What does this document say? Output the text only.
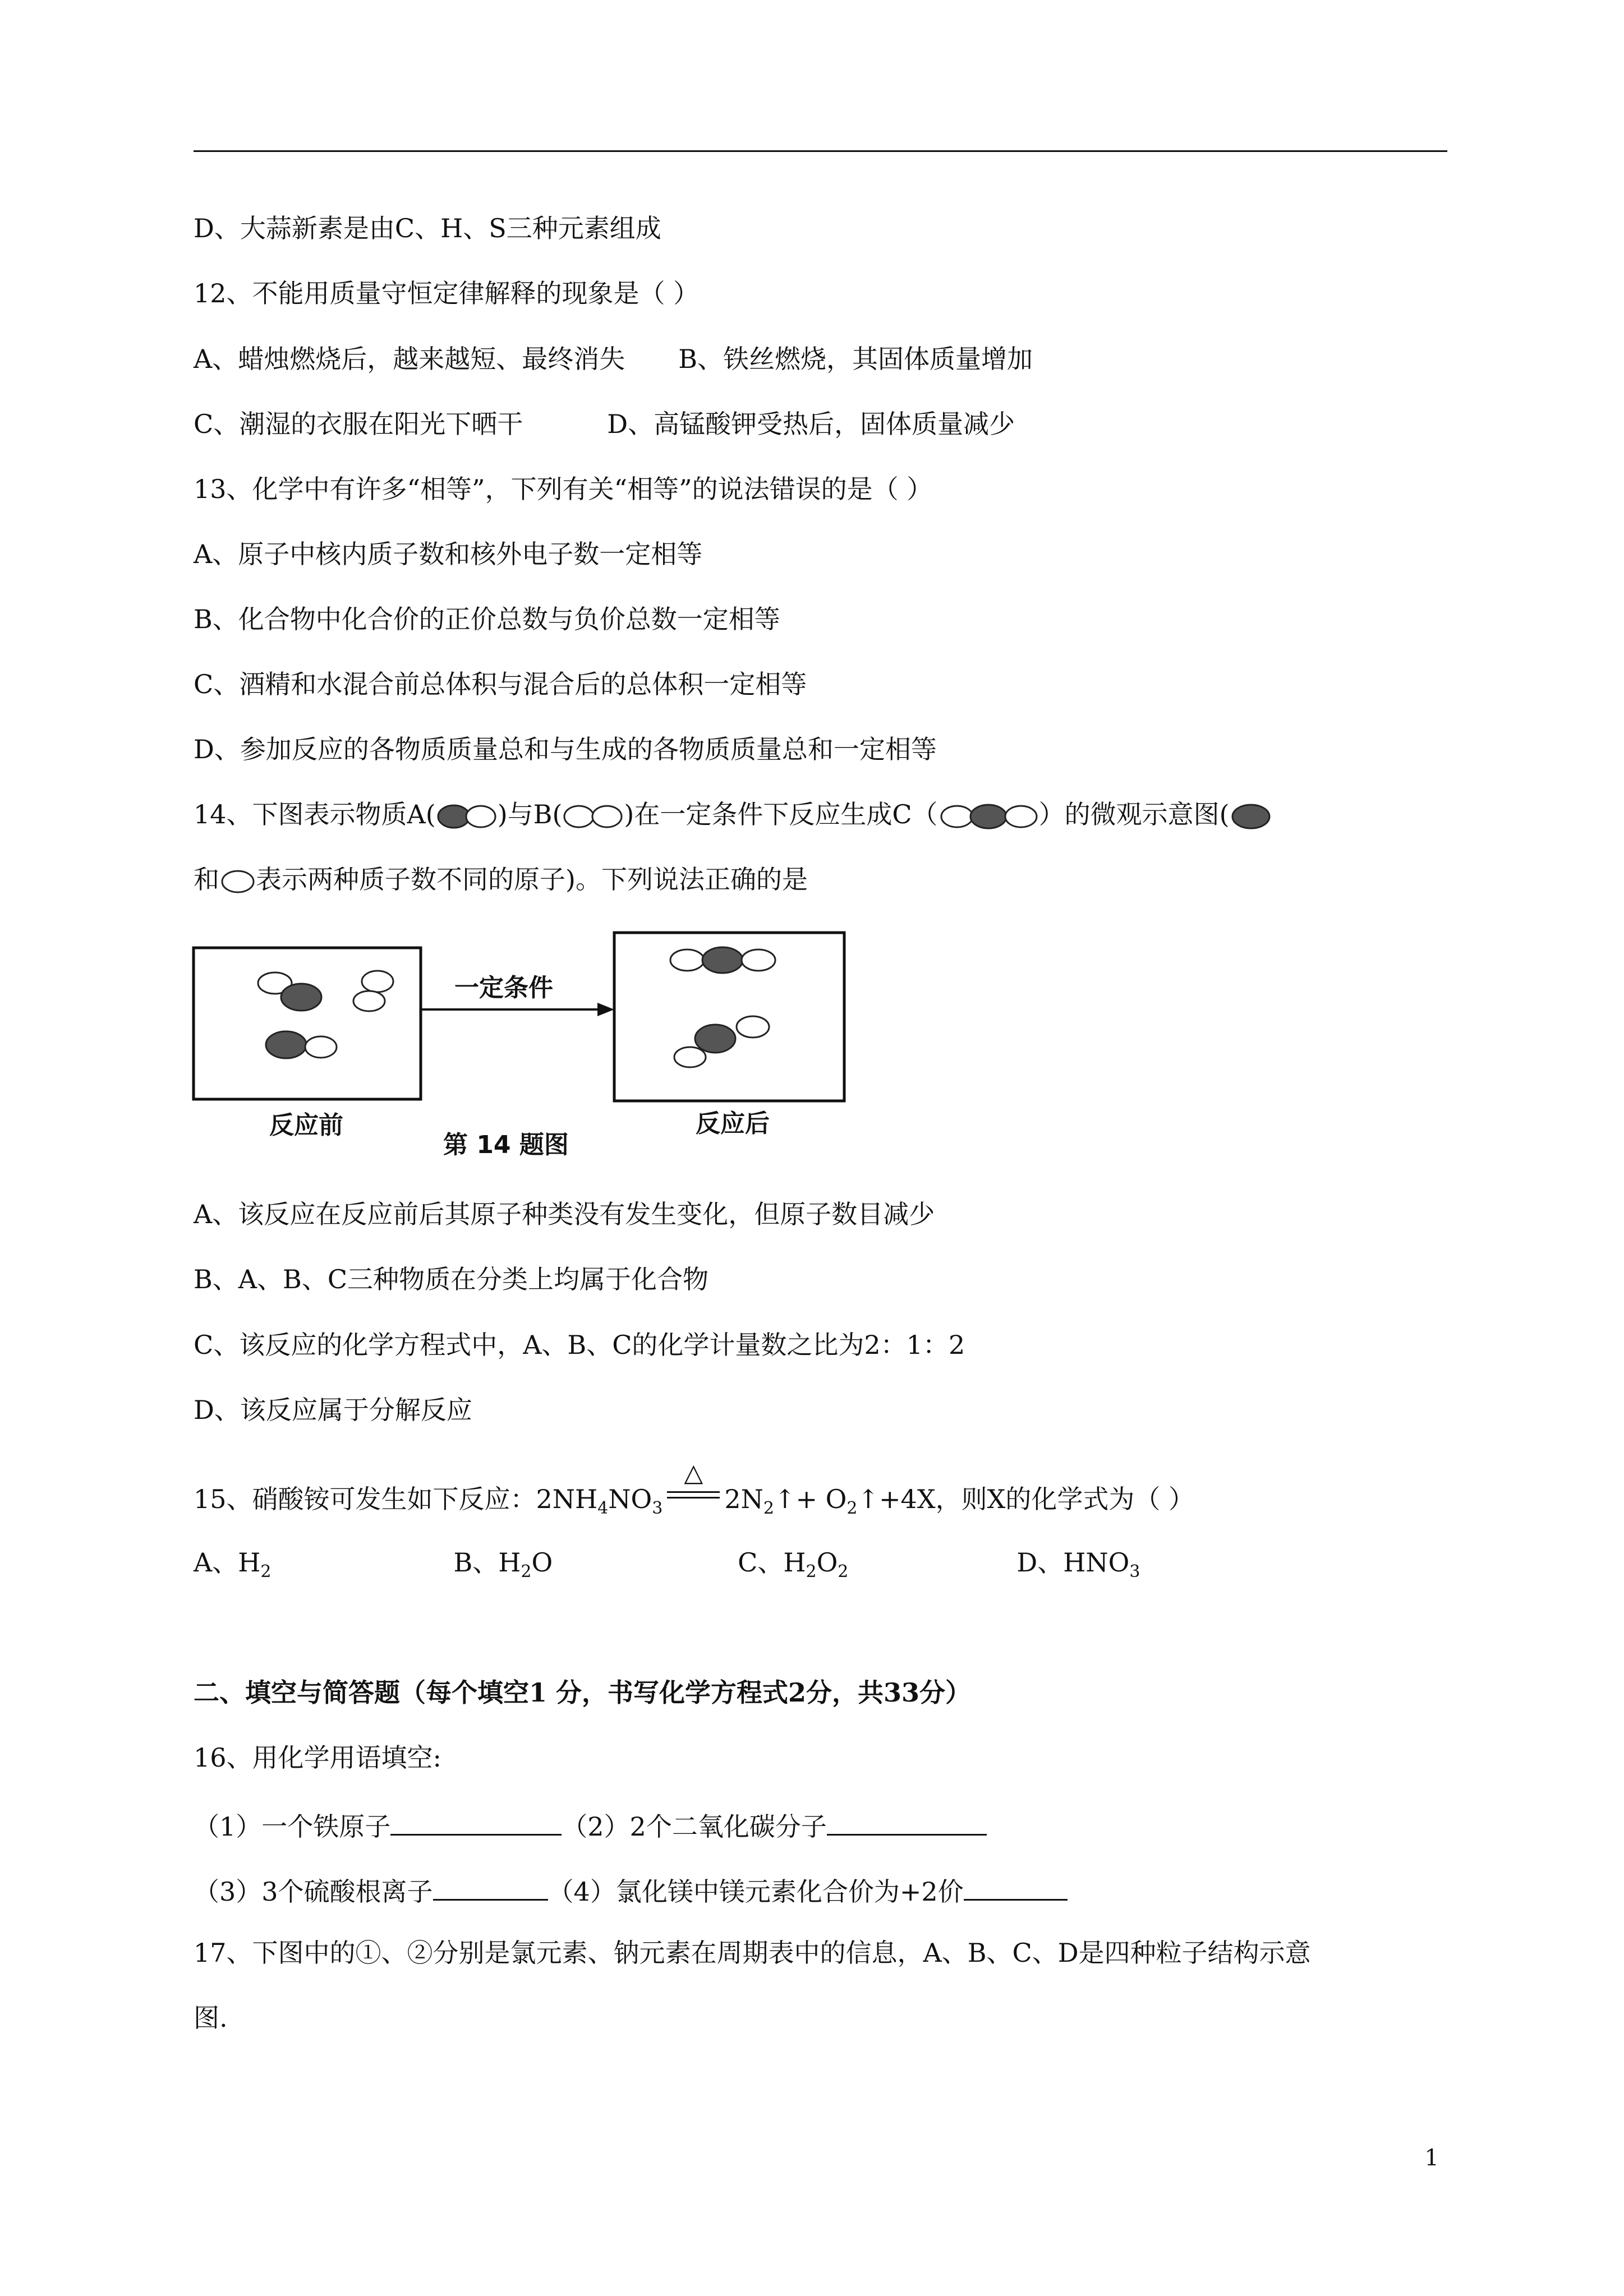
D、大蒜新素是由C、H、S三种元素组成
12、不能用质量守恒定律解释的现象是（ ）
A、蜡烛燃烧后，越来越短、最终消失 B、铁丝燃烧，其固体质量增加
C、潮湿的衣服在阳光下晒干	D、高锰酸钾受热后，固体质量减少
13、化学中有许多“相等”，下列有关“相等”的说法错误的是（ ）
A、原子中核内质子数和核外电子数一定相等
B、化合物中化合价的正价总数与负价总数一定相等
C、酒精和水混合前总体积与混合后的总体积一定相等
D、参加反应的各物质质量总和与生成的各物质质量总和一定相等
14、下图表示物质A( )与B( )在一定条件下反应生成C（	）的微观示意图(
和 表示两种质子数不同的原子)。下列说法正确的是
一定条件
反应前	反应后
第 14 题图
A、该反应在反应前后其原子种类没有发生变化，但原子数目减少
B、A、B、C三种物质在分类上均属于化合物
C、该反应的化学方程式中，A、B、C的化学计量数之比为2：1：2
D、该反应属于分解反应
15、硝酸铵可发生如下反应：$2NH_4NO_3$
△
$2N_2↑+$ $O_2↑+4X$，则X的化学式为（ ）
A、$H_2$	B、$H_2O$	C、$H_2O_2$	D、$HNO_3$
二、填空与简答题（每个填空1 分，书写化学方程式2分，共33分）
16、用化学用语填空:
（1）一个铁原子	（2）2个二氧化碳分子
（3）3个硫酸根离子	（4）氯化镁中镁元素化合价为+2价
17、下图中的①、②分别是氯元素、钠元素在周期表中的信息，A、B、C、D是四种粒子结构示意
图.
1
